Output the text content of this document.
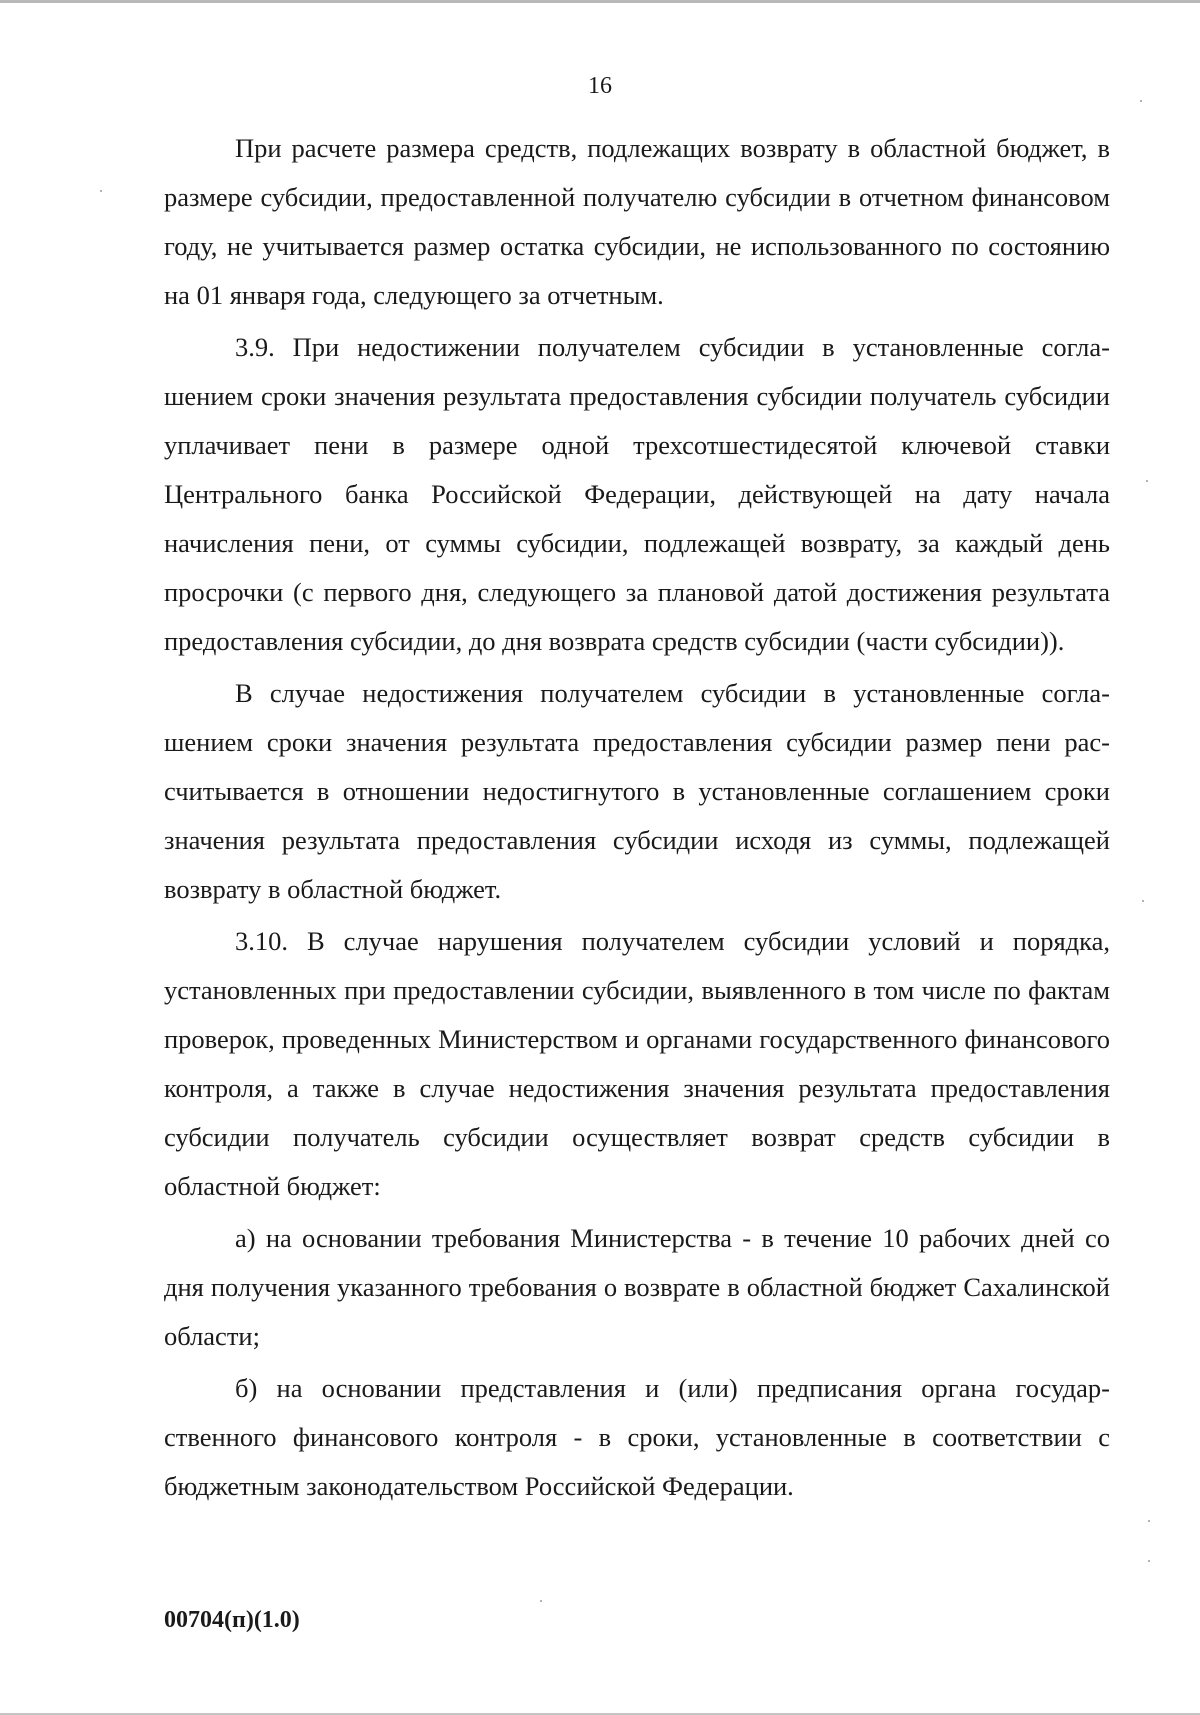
16

При расчете размера средств, подлежащих возврату в областной бюджет, в размере субсидии, предоставленной получателю субсидии в отчетном финансовом году, не учитывается размер остатка субсидии, не использованного по состоянию на 01 января года, следующего за отчетным.

3.9. При недостижении получателем субсидии в установленные соглашением сроки значения результата предоставления субсидии получатель субсидии уплачивает пени в размере одной трехсотшестидесятой ключевой ставки Центрального банка Российской Федерации, действующей на дату начала начисления пени, от суммы субсидии, подлежащей возврату, за каждый день просрочки (с первого дня, следующего за плановой датой достижения результата предоставления субсидии, до дня возврата средств субсидии (части субсидии)).

В случае недостижения получателем субсидии в установленные соглашением сроки значения результата предоставления субсидии размер пени рассчитывается в отношении недостигнутого в установленные соглашением сроки значения результата предоставления субсидии исходя из суммы, подлежащей возврату в областной бюджет.

3.10. В случае нарушения получателем субсидии условий и порядка, установленных при предоставлении субсидии, выявленного в том числе по фактам проверок, проведенных Министерством и органами государственного финансового контроля, а также в случае недостижения значения результата предоставления субсидии получатель субсидии осуществляет возврат средств субсидии в областной бюджет:

а) на основании требования Министерства - в течение 10 рабочих дней со дня получения указанного требования о возврате в областной бюджет Сахалинской области;

б) на основании представления и (или) предписания органа государственного финансового контроля - в сроки, установленные в соответствии с бюджетным законодательством Российской Федерации.

00704(п)(1.0)
